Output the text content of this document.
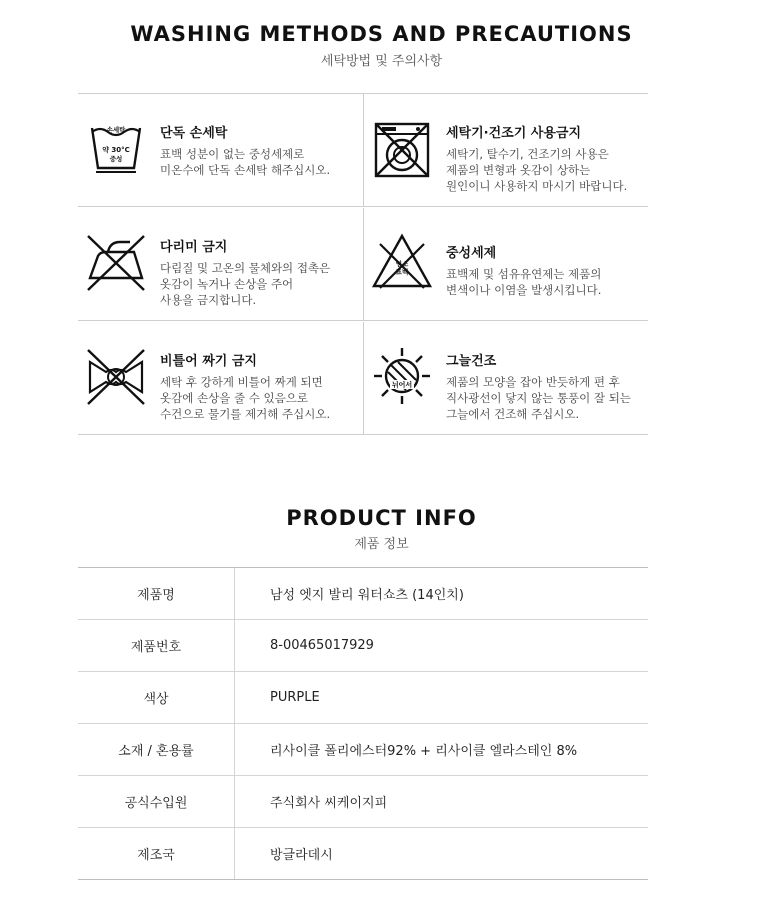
WASHING METHODS AND PRECAUTIONS
세탁방법 및 주의사항
손세탁
약 30°C
중성
단독 손세탁
표백 성분이 없는 중성세제로
미온수에 단독 손세탁 해주십시오.
세탁기·건조기 사용금지
세탁기, 탈수기, 건조기의 사용은
제품의 변형과 옷감이 상하는
원인이니 사용하지 마시기 바랍니다.
다리미 금지
다림질 및 고온의 물체와의 접촉은
옷감이 녹거나 손상을 주어
사용을 금지합니다.
염소
표백
중성세제
표백제 및 섬유유연제는 제품의
변색이나 이염을 발생시킵니다.
비틀어 짜기 금지
세탁 후 강하게 비틀어 짜게 되면
옷감에 손상을 줄 수 있음으로
수건으로 물기를 제거해 주십시오.
뉘어서
그늘건조
제품의 모양을 잡아 반듯하게 편 후
직사광선이 닿지 않는 통풍이 잘 되는
그늘에서 건조해 주십시오.
PRODUCT INFO
제품 정보
제품명	남성 엣지 발리 워터쇼츠 (14인치)
제품번호	8-00465017929
색상	PURPLE
소재 / 혼용률	리사이클 폴리에스터92% + 리사이클 엘라스테인 8%
공식수입원	주식회사 씨케이지피
제조국	방글라데시
